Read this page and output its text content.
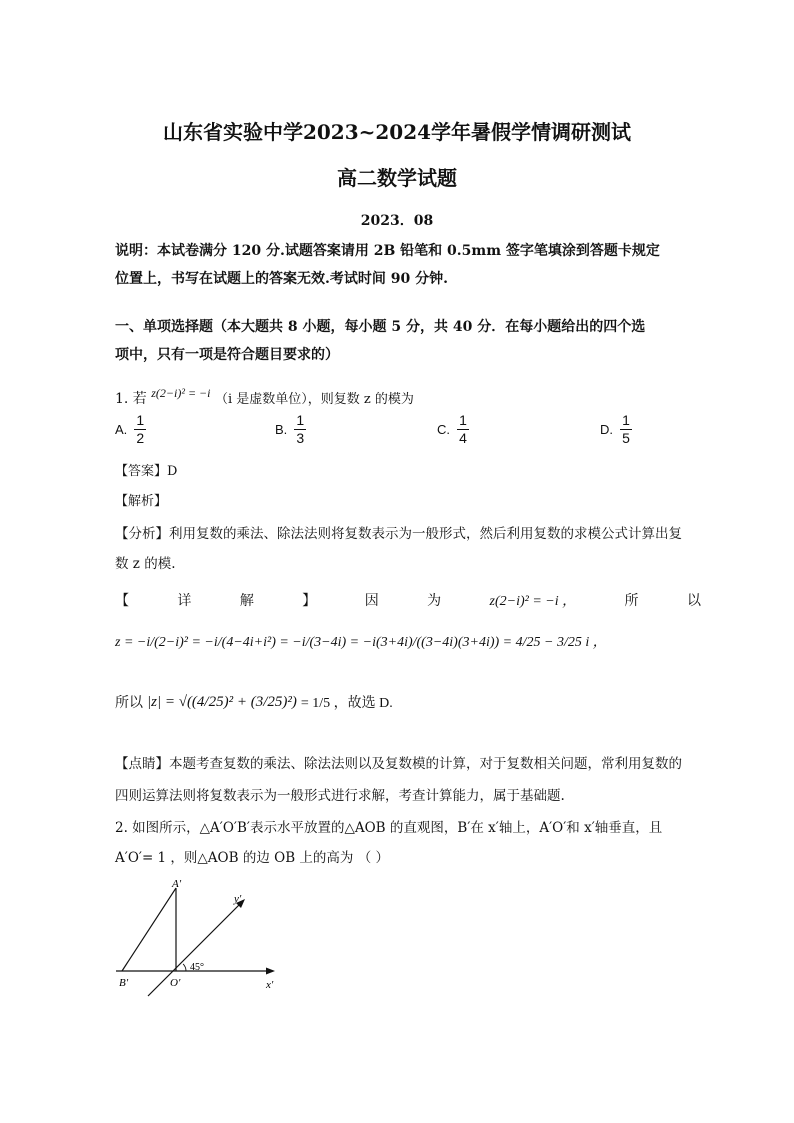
山东省实验中学2023~2024学年暑假学情调研测试
高二数学试题
2023．08
说明：本试卷满分 120 分.试题答案请用 2B 铅笔和 0.5mm 签字笔填涂到答题卡规定
位置上，书写在试题上的答案无效.考试时间 90 分钟.
一、单项选择题（本大题共 8 小题，每小题 5 分，共 40 分．在每小题给出的四个选
项中，只有一项是符合题目要求的）
1. 若 z(2−i)² = −i （i 是虚数单位），则复数 z 的模为
A. $\frac{1}{2}$	B. $\frac{1}{3}$	C. $\frac{1}{4}$	D. $\frac{1}{5}$
【答案】D
【解析】
【分析】利用复数的乘法、除法法则将复数表示为一般形式，然后利用复数的求模公式计算出复
数 z 的模.
【	详	解	】	因	为	z(2−i)² = −i ，	所	以
z = −i/(2−i)² = −i/(4−4i+i²) = −i/(3−4i) = −i(3+4i)/((3−4i)(3+4i)) = 4/25 − 3/25 i ，
所以 |z| = √((4/25)² + (3/25)²) = 1/5 ，故选 D.
【点睛】本题考查复数的乘法、除法法则以及复数模的计算，对于复数相关问题，常利用复数的
四则运算法则将复数表示为一般形式进行求解，考查计算能力，属于基础题.
2. 如图所示，△A′O′B′表示水平放置的△AOB 的直观图，B′在 x′轴上，A′O′和 x′轴垂直，且
A′O′= 1 ，则△AOB 的边 OB 上的高为 （ ）
A′
B′	O′	x′
y′
45°
